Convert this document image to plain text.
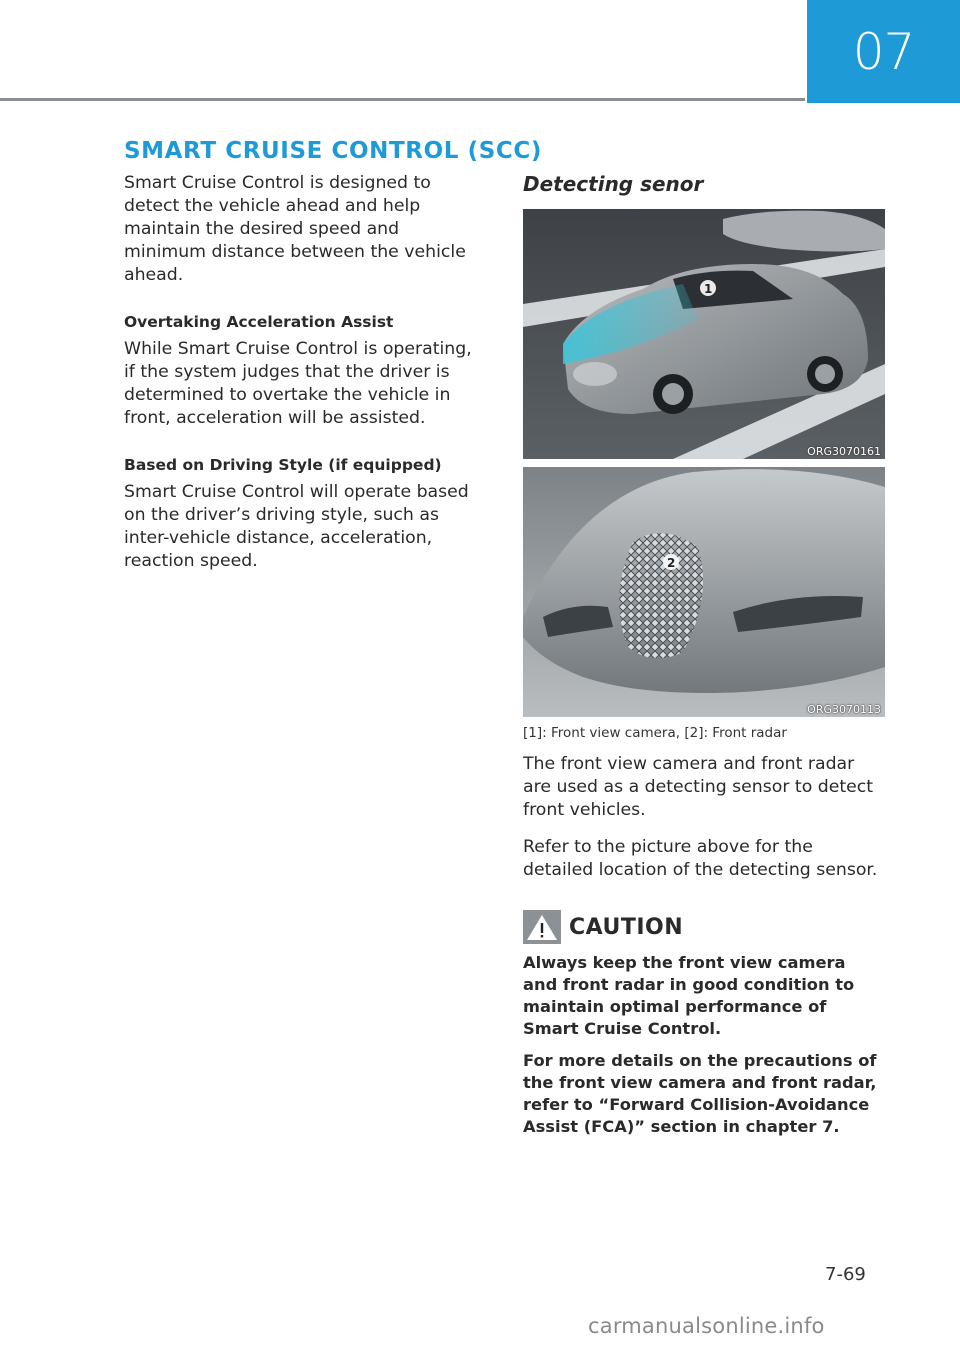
07
SMART CRUISE CONTROL (SCC)

Smart Cruise Control is designed to detect the vehicle ahead and help maintain the desired speed and minimum distance between the vehicle ahead.

Overtaking Acceleration Assist

While Smart Cruise Control is operating, if the system judges that the driver is determined to overtake the vehicle in front, acceleration will be assisted.

Based on Driving Style (if equipped)

Smart Cruise Control will operate based on the driver’s driving style, such as inter-vehicle distance, acceleration, reaction speed.

Detecting senor
1
ORG3070161
2
ORG3070113

[1]: Front view camera, [2]: Front radar

The front view camera and front radar are used as a detecting sensor to detect front vehicles.

Refer to the picture above for the detailed location of the detecting sensor.

CAUTION

Always keep the front view camera and front radar in good condition to maintain optimal performance of Smart Cruise Control.

For more details on the precautions of the front view camera and front radar, refer to “Forward Collision-Avoidance Assist (FCA)” section in chapter 7.

7-69
carmanualsonline.info
